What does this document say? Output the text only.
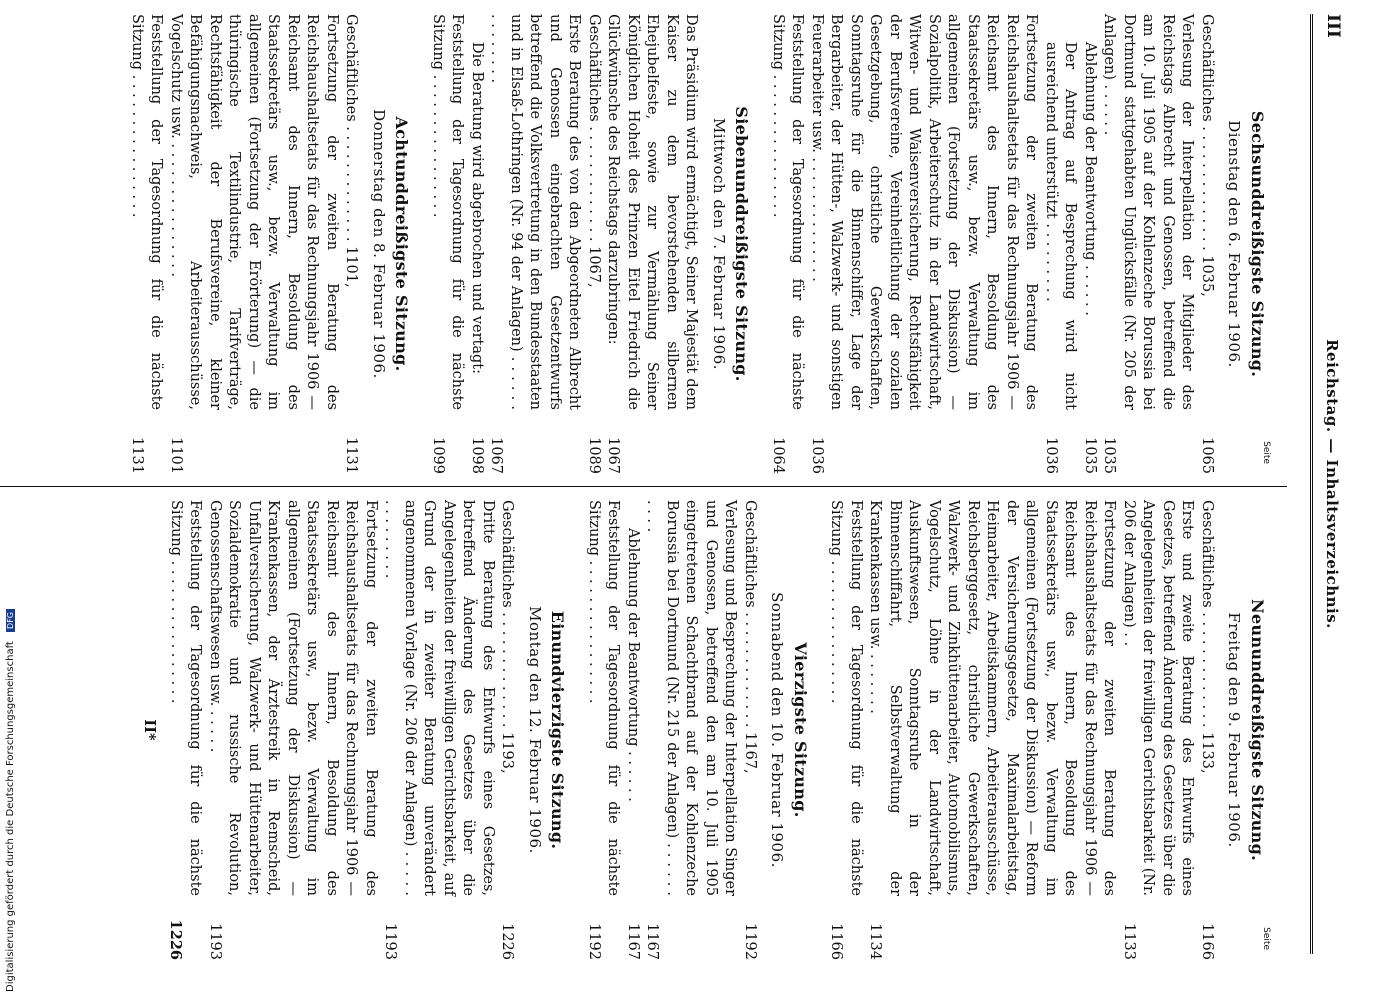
III
Reichstag. — Inhaltsverzeichnis.
Seite
Sechsunddreißigste Sitzung.
Dienstag den 6. Februar 1906.
Geschäftliches . . . . . . . . . . . . . . 1035,
1065
Verlesung der Interpellation der Mitglieder des Reichstags Albrecht und Genossen, betreffend die am 10. Juli 1905 auf der Kohlenzeche Borussia bei Dortmund stattgehabten Unglücksfälle (Nr. 205 der Anlagen) . . . . . .
1035
Ablehnung der Beantwortung . . . . . .
1035
Der Antrag auf Besprechung wird nicht ausreichend unterstützt . . . . . . . . .
1036
Fortsetzung der zweiten Beratung des Reichshaushaltsetats für das Rechnungsjahr 1906 — Reichsamt des Innern, Besoldung des Staatssekretärs usw., bezw. Verwaltung im allgemeinen (Fortsetzung der Diskussion) — Sozialpolitik, Arbeiterschutz in der Landwirtschaft, Witwen- und Waisenversicherung, Rechtsfähigkeit der Berufsvereine, Vereinheitlichung der sozialen Gesetzgebung, christliche Gewerkschaften, Sonntagsruhe für die Binnenschiffer, Lage der Bergarbeiter, der Hütten-, Walzwerk- und sonstigen Feuerarbeiter usw. . . . . . . . . . . . . . .
1036
Feststellung der Tagesordnung für die nächste Sitzung . . . . . . . . . . . . . . . .
1064
Siebenunddreißigste Sitzung.
Mittwoch den 7. Februar 1906.
Das Präsidium wird ermächtigt, Seiner Majestät dem Kaiser zu dem bevorstehenden silbernen Ehejubelfeste, sowie zur Vermählung Seiner Königlichen Hoheit des Prinzen Eitel Friedrich die Glückwünsche des Reichstags darzubringen:
1067
Geschäftliches . . . . . . . . . . . . . 1067,
1089
Erste Beratung des von den Abgeordneten Albrecht und Genossen eingebrachten Gesetzentwurfs betreffend die Volksvertretung in den Bundesstaaten und in Elsaß-Lothringen (Nr. 94 der Anlagen) . . . . . . . . . . . . . .
1067
Die Beratung wird abgebrochen und vertagt:
1098
Feststellung der Tagesordnung für die nächste Sitzung . . . . . . . . . . . . . . . .
1099
Achtunddreißigste Sitzung.
Donnerstag den 8. Februar 1906.
Geschäftliches . . . . . . . . . . . . . 1101,
1131
Fortsetzung der zweiten Beratung des Reichshaushaltsetats für das Rechnungsjahr 1906 — Reichsamt des Innern, Besoldung des Staatssekretärs usw., bezw. Verwaltung im allgemeinen (Fortsetzung der Erörterung) — die thüringische Textilindustrie, Tarifverträge, Rechtsfähigkeit der Berufsvereine, kleiner Befähigungsnachweis, Arbeiterausschüsse, Vogelschutz usw. . . . . . . . . . . . . . . .
1101
Feststellung der Tagesordnung für die nächste Sitzung . . . . . . . . . . . . . . . .
1131
Seite
Neununddreißigste Sitzung.
Freitag den 9. Februar 1906.
Geschäftliches . . . . . . . . . . . . . 1133,
1166
Erste und zweite Beratung des Entwurfs eines Gesetzes, betreffend Änderung des Gesetzes über die Angelegenheiten der freiwilligen Gerichtsbarkeit (Nr. 206 der Anlagen) . .
1133
Fortsetzung der zweiten Beratung des Reichshaushaltsetats für das Rechnungsjahr 1906 — Reichsamt des Innern, Besoldung des Staatssekretärs usw., bezw. Verwaltung im allgemeinen (Fortsetzung der Diskussion) — Reform der Versicherungsgesetze, Maximalarbeitstag, Heimarbeiter, Arbeitskammern, Arbeiterausschüsse, Reichsberggesetz, christliche Gewerkschaften, Walzwerk- und Zinkhüttenarbeiter, Automobilismus, Vogelschutz, Löhne in der Landwirtschaft, Auskunftswesen, Sonntagsruhe in der Binnenschiffahrt, Selbstverwaltung der Krankenkassen usw. . . . . . . .
1134
Feststellung der Tagesordnung für die nächste Sitzung . . . . . . . . . . . . . . . .
1166
Vierzigste Sitzung.
Sonnabend den 10. Februar 1906.
Geschäftliches . . . . . . . . . . . . . 1167,
1192
Verlesung und Besprechung der Interpellation Singer und Genossen, betreffend den am 10. Juli 1905 eingetretenen Schachtbrand auf der Kohlenzeche Borussia bei Dortmund (Nr. 215 der Anlagen) . . . . . . . . . .
1167
Ablehnung der Beantwortung . . . . . .
1167
Feststellung der Tagesordnung für die nächste Sitzung . . . . . . . . . . . . . . . .
1192
Einundvierzigste Sitzung.
Montag den 12. Februar 1906.
Geschäftliches . . . . . . . . . . . . . 1193,
1226
Dritte Beratung des Entwurfs eines Gesetzes, betreffend Änderung des Gesetzes über die Angelegenheiten der freiwilligen Gerichtsbarkeit, auf Grund der in zweiter Beratung unverändert angenommenen Vorlage (Nr. 206 der Anlagen) . . . . . . . . . . . . . .
1193
Fortsetzung der zweiten Beratung des Reichshaushaltsetats für das Rechnungsjahr 1906 — Reichsamt des Innern, Besoldung des Staatssekretärs usw., bezw. Verwaltung im allgemeinen (Fortsetzung der Diskussion) — Krankenkassen, der Ärztestreik in Remscheid, Unfallversicherung, Walzwerk- und Hüttenarbeiter, Sozialdemokratie und russische Revolution, Genossenschaftswesen usw. . . . . .
1193
Feststellung der Tagesordnung für die nächste Sitzung . . . . . . . . . . . . . . . .
1226
II*
Digitalisierung gefördert durch die Deutsche Forschungsgemeinschaft DFG
